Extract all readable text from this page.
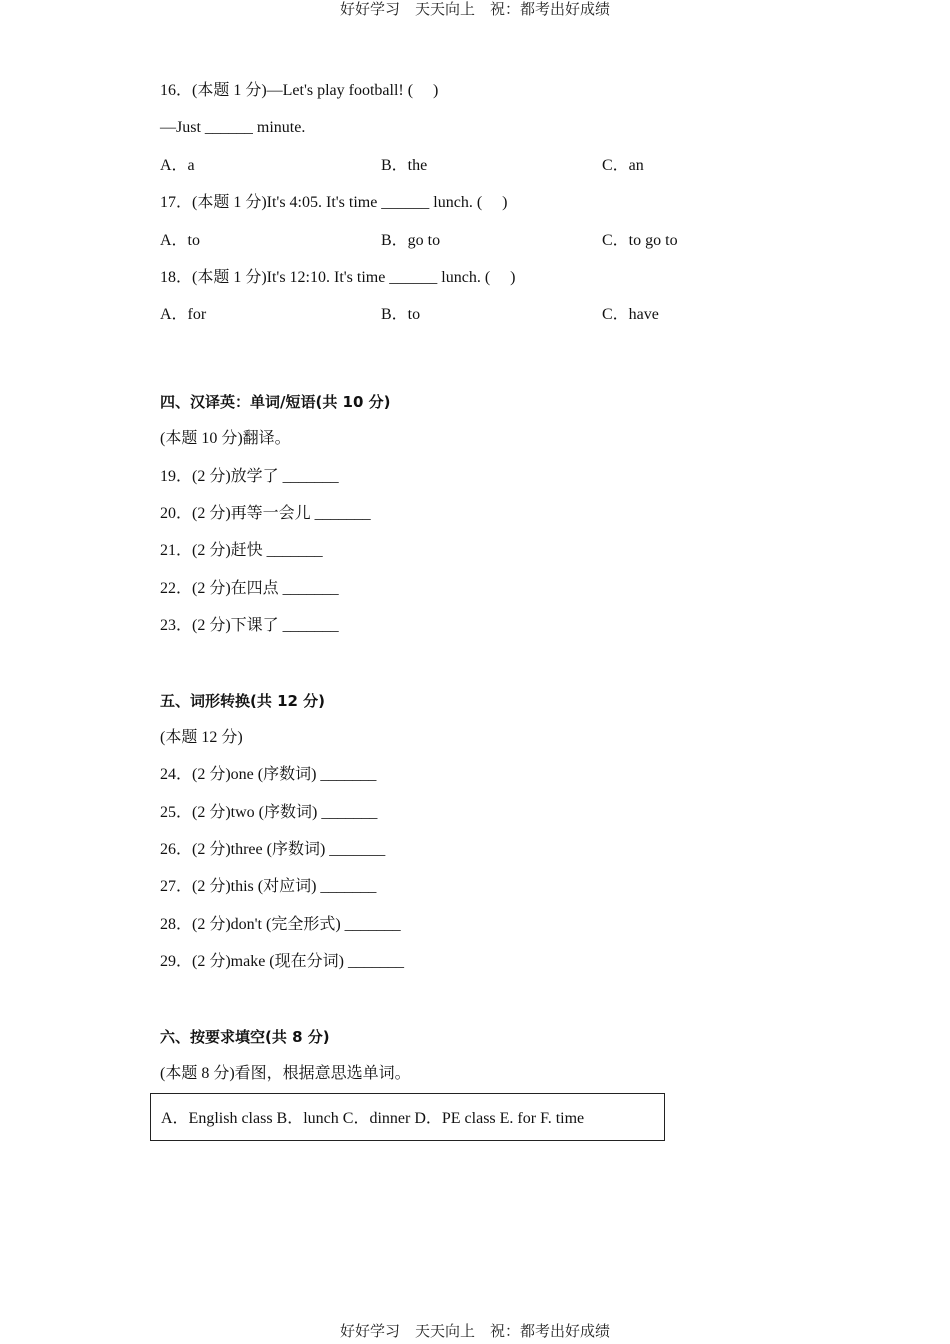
好好学习　天天向上　祝：都考出好成绩
16．(本题 1 分)—Let's play football! (　 )
—Just ______ minute.
A．a	B．the	C．an
17．(本题 1 分)It's 4:05. It's time ______ lunch. (　 )
A．to	B．go to	C．to go to
18．(本题 1 分)It's 12:10. It's time ______ lunch. (　 )
A．for	B．to	C．have
四、汉译英：单词/短语(共 10 分)
(本题 10 分)翻译。
19．(2 分)放学了 _______
20．(2 分)再等一会儿 _______
21．(2 分)赶快 _______
22．(2 分)在四点 _______
23．(2 分)下课了 _______
五、词形转换(共 12 分)
(本题 12 分)
24．(2 分)one (序数词) _______
25．(2 分)two (序数词) _______
26．(2 分)three (序数词) _______
27．(2 分)this (对应词) _______
28．(2 分)don't (完全形式) _______
29．(2 分)make (现在分词) _______
六、按要求填空(共 8 分)
(本题 8 分)看图，根据意思选单词。
A．English class B．lunch C．dinner D．PE class E. for F. time
好好学习　天天向上　祝：都考出好成绩
